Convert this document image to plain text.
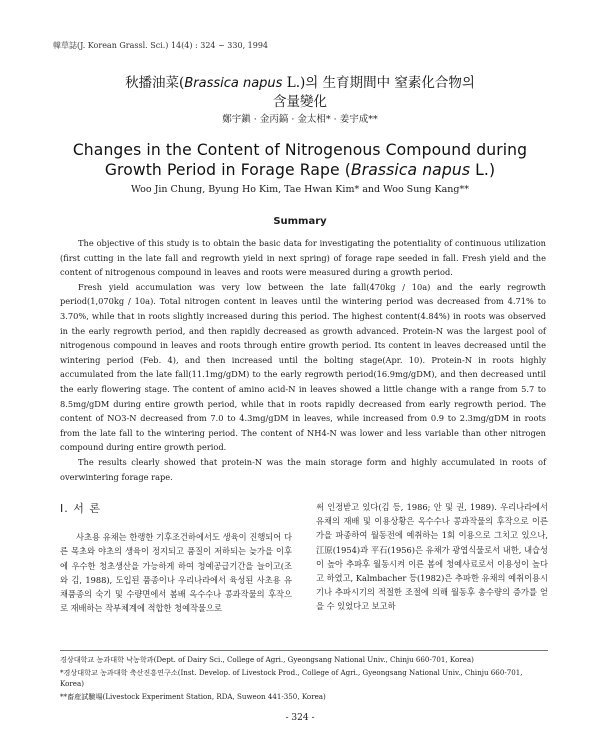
韓草誌(J. Korean Grassl. Sci.) 14(4) : 324 ~ 330, 1994
秋播油菜(Brassica napus L.)의 生育期間中 窒素化合物의
含量變化
鄭宇鎭 · 金丙鎬 · 金太相* · 姜宇成**
Changes in the Content of Nitrogenous Compound during
Growth Period in Forage Rape (Brassica napus L.)
Woo Jin Chung, Byung Ho Kim, Tae Hwan Kim* and Woo Sung Kang**
Summary

The objective of this study is to obtain the basic data for investigating the potentiality of continuous utilization (first cutting in the late fall and regrowth yield in next spring) of forage rape seeded in fall. Fresh yield and the content of nitrogenous compound in leaves and roots were measured during a growth period.

Fresh yield accumulation was very low between the late fall(470kg / 10a) and the early regrowth period(1,070kg / 10a). Total nitrogen content in leaves until the wintering period was decreased from 4.71% to 3.70%, while that in roots slightly increased during this period. The highest content(4.84%) in roots was observed in the early regrowth period, and then rapidly decreased as growth advanced. Protein-N was the largest pool of nitrogenous compound in leaves and roots through entire growth period. Its content in leaves decreased until the wintering period (Feb. 4), and then increased until the bolting stage(Apr. 10). Protein-N in roots highly accumulated from the late fall(11.1mg/gDM) to the early regrowth period(16.9mg/gDM), and then decreased until the early flowering stage. The content of amino acid-N in leaves showed a little change with a range from 5.7 to 8.5mg/gDM during entire growth period, while that in roots rapidly decreased from early regrowth period. The content of NO3-N decreased from 7.0 to 4.3mg/gDM in leaves, while increased from 0.9 to 2.3mg/gDM in roots from the late fall to the wintering period. The content of NH4-N was lower and less variable than other nitrogen compound during entire growth period.

The results clearly showed that protein-N was the main storage form and highly accumulated in roots of overwintering forage rape.

Ⅰ. 서 론

사초용 유채는 한랭한 기후조건하에서도 생육이 진행되어 다른 목초와 야초의 생육이 정지되고 품질이 저하되는 늦가을 이후에 우수한 청초생산을 가능하게 하여 청예공급기간을 늘이고(조와 김, 1988), 도입된 품종이나 우리나라에서 육성된 사초용 유채품종의 숙기 및 수량면에서 봄배 옥수수나 콩과작물의 후작으로 재배하는 작부체계에 적합한 청예작물으로

써 인정받고 있다(김 등, 1986; 안 및 권, 1989). 우리나라에서 유채의 재배 및 이용상황은 옥수수나 콩과작물의 후작으로 이른 가을 파종하여 월동전에 예취하는 1회 이용으로 그치고 있으나, 江原(1954)과 平石(1956)은 유채가 광엽식물로서 내한, 내습성이 높아 추파후 월동시켜 이른 봄에 청예사료로서 이용성이 높다고 하였고, Kalmbacher 등(1982)은 추파한 유채의 예취이용시기나 추파시기의 적절한 조절에 의해 월동후 총수량의 증가를 얻을 수 있었다고 보고하

경상대학교 농과대학 낙농학과(Dept. of Dairy Sci., College of Agri., Gyeongsang National Univ., Chinju 660-701, Korea)
*경상대학교 농과대학 축산진흥연구소(Inst. Develop. of Livestock Prod., College of Agri., Gyeongsang National Univ., Chinju 660-701, Korea)
**畜産試驗場(Livestock Experiment Station, RDA, Suweon 441-350, Korea)
- 324 -
